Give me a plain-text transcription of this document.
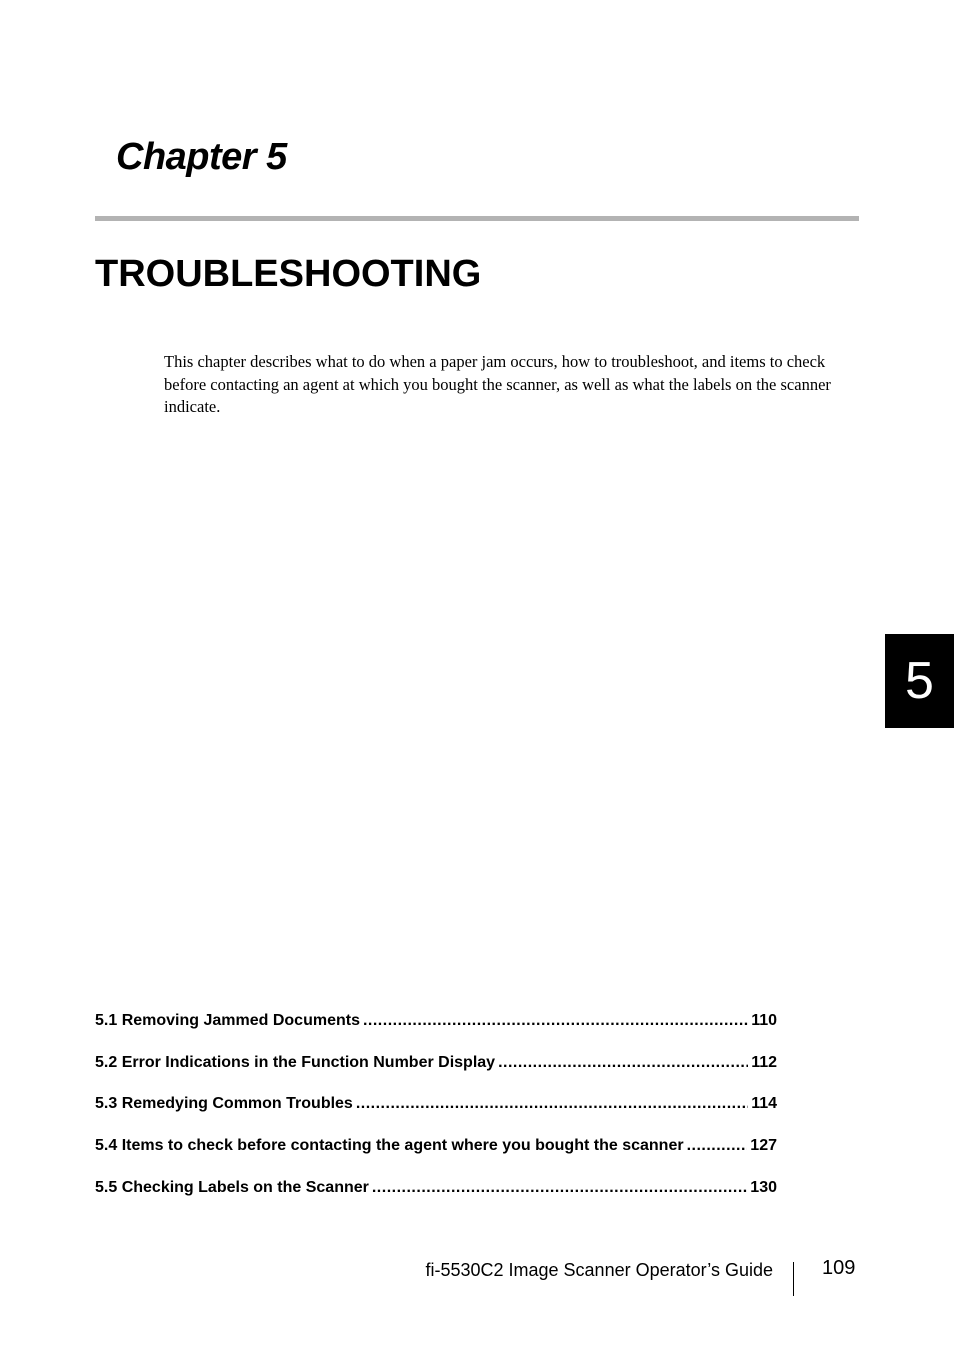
Chapter 5
TROUBLESHOOTING

This chapter describes what to do when a paper jam occurs, how to troubleshoot, and items to check before contacting an agent at which you bought the scanner, as well as what the labels on the scanner indicate.

5
5.1 Removing Jammed Documents .....	110
5.2 Error Indications in the Function Number Display .....	112
5.3 Remedying Common Troubles .....	114
5.4 Items to check before contacting the agent where you bought the scanner .....	127
5.5 Checking Labels on the Scanner .....	130
fi-5530C2 Image Scanner Operator’s Guide 109
